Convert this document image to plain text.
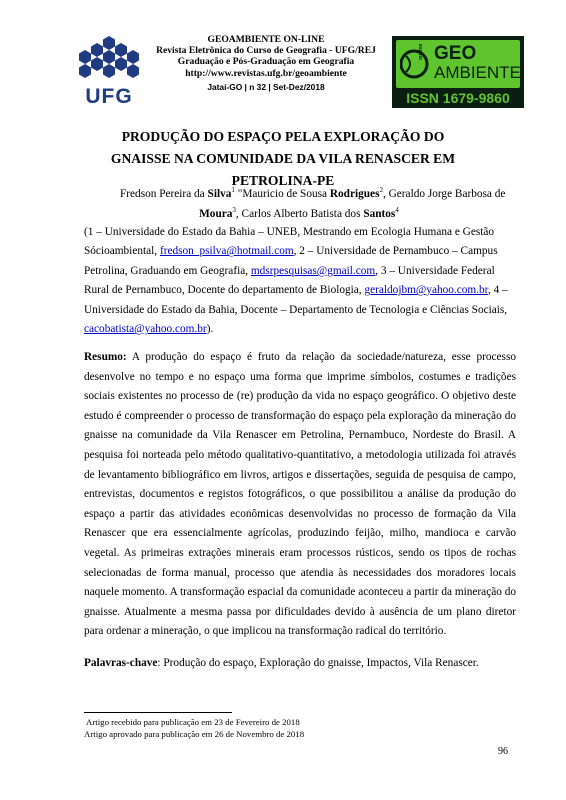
UFG
GEOAMBIENTE ON-LINE
Revista Eletrônica do Curso de Geografia - UFG/REJ
Graduação e Pós-Graduação em Geografia
http://www.revistas.ufg.br/geoambiente
Jataí-GO | n 32 | Set-Dez/2018
on-line GEO
AMBIENTE
ISSN 1679-9860
PRODUÇÃO DO ESPAÇO PELA EXPLORAÇÃO DO GNAISSE NA COMUNIDADE DA VILA RENASCER EM PETROLINA-PE
Fredson Pereira da Silva$^1$ "Mauricio de Sousa Rodrigues$^2$, Geraldo Jorge Barbosa de
Moura$^3$, Carlos Alberto Batista dos Santos$^4$
(1 – Universidade do Estado da Bahia – UNEB, Mestrando em Ecologia Humana e Gestão Sócioambiental, fredson_psilva@hotmail.com, 2 – Universidade de Pernambuco – Campus Petrolina, Graduando em Geografia, mdsrpesquisas@gmail.com, 3 – Universidade Federal Rural de Pernambuco, Docente do departamento de Biologia, geraldojbm@yahoo.com.br, 4 – Universidade do Estado da Bahia, Docente – Departamento de Tecnologia e Ciências Sociais, cacobatista@yahoo.com.br).
Resumo: A produção do espaço é fruto da relação da sociedade/natureza, esse processo desenvolve no tempo e no espaço uma forma que imprime símbolos, costumes e tradições sociais existentes no processo de (re) produção da vida no espaço geográfico. O objetivo deste estudo é compreender o processo de transformação do espaço pela exploração da mineração do gnaisse na comunidade da Vila Renascer em Petrolina, Pernambuco, Nordeste do Brasil. A pesquisa foi norteada pelo método qualitativo-quantitativo, a metodologia utilizada foi através de levantamento bibliográfico em livros, artigos e dissertações, seguida de pesquisa de campo, entrevistas, documentos e registos fotográficos, o que possibilitou a análise da produção do espaço a partir das atividades econômicas desenvolvidas no processo de formação da Vila Renascer que era essencialmente agrícolas, produzindo feijão, milho, mandioca e carvão vegetal. As primeiras extrações minerais eram processos rústicos, sendo os tipos de rochas selecionadas de forma manual, processo que atendia às necessidades dos moradores locais naquele momento. A transformação espacial da comunidade aconteceu a partir da mineração do gnaisse. Atualmente a mesma passa por dificuldades devido à ausência de um plano diretor para ordenar a mineração, o que implicou na transformação radical do território.
Palavras-chave: Produção do espaço, Exploração do gnaisse, Impactos, Vila Renascer.
Artigo recebido para publicação em 23 de Fevereiro de 2018
Artigo aprovado para publicação em 26 de Novembro de 2018
96
